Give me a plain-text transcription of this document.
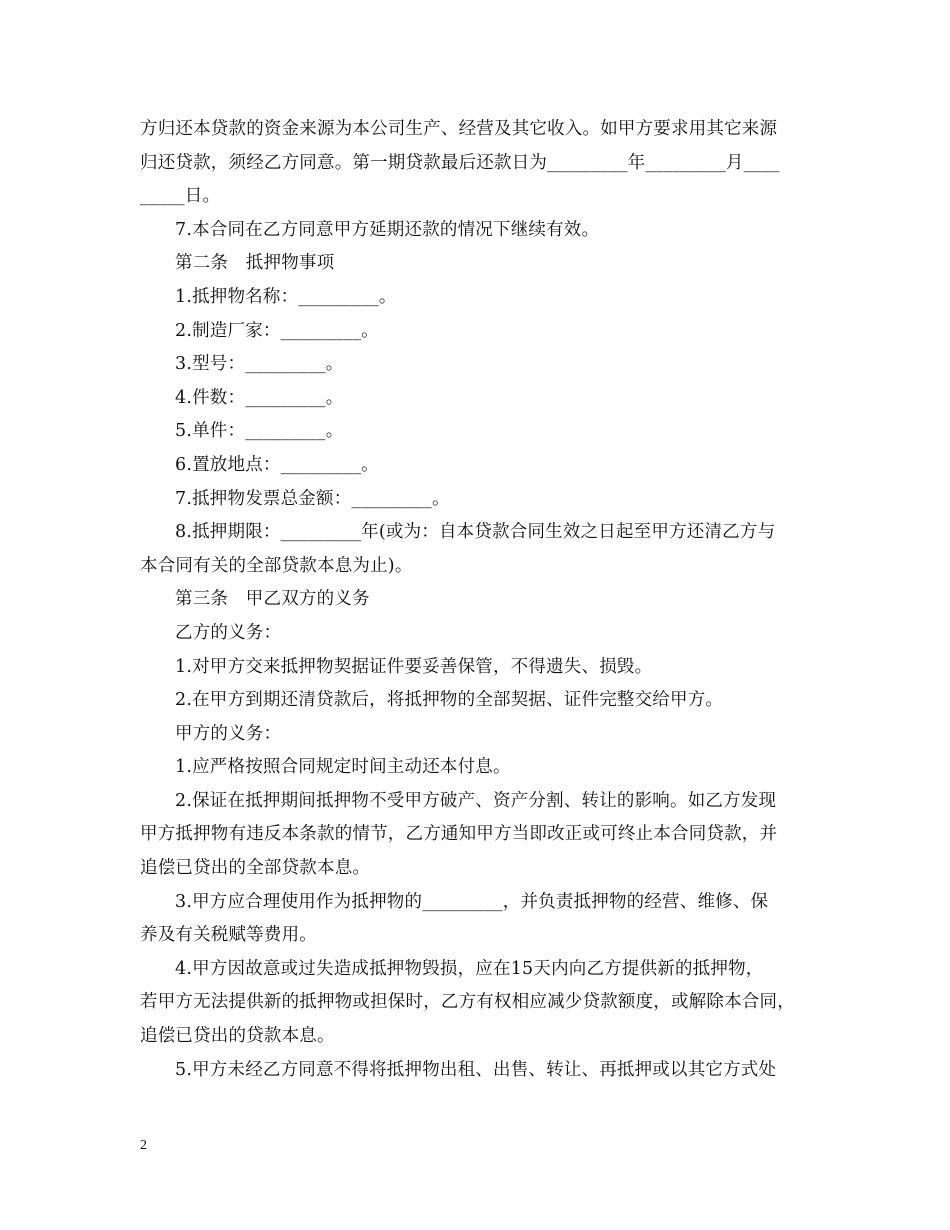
方归还本贷款的资金来源为本公司生产、经营及其它收入。如甲方要求用其它来源
归还贷款，须经乙方同意。第一期贷款最后还款日为_________年_________月____
_____日。
7.本合同在乙方同意甲方延期还款的情况下继续有效。
第二条　抵押物事项
1.抵押物名称：_________。
2.制造厂家：_________。
3.型号：_________。
4.件数：_________。
5.单件：_________。
6.置放地点：_________。
7.抵押物发票总金额：_________。
8.抵押期限：_________年(或为：自本贷款合同生效之日起至甲方还清乙方与
本合同有关的全部贷款本息为止)。
第三条　甲乙双方的义务
乙方的义务：
1.对甲方交来抵押物契据证件要妥善保管，不得遗失、损毁。
2.在甲方到期还清贷款后，将抵押物的全部契据、证件完整交给甲方。
甲方的义务：
1.应严格按照合同规定时间主动还本付息。
2.保证在抵押期间抵押物不受甲方破产、资产分割、转让的影响。如乙方发现
甲方抵押物有违反本条款的情节，乙方通知甲方当即改正或可终止本合同贷款，并
追偿已贷出的全部贷款本息。
3.甲方应合理使用作为抵押物的_________，并负责抵押物的经营、维修、保
养及有关税赋等费用。
4.甲方因故意或过失造成抵押物毁损，应在15天内向乙方提供新的抵押物，
若甲方无法提供新的抵押物或担保时，乙方有权相应减少贷款额度，或解除本合同，
追偿已贷出的贷款本息。
5.甲方未经乙方同意不得将抵押物出租、出售、转让、再抵押或以其它方式处
2
